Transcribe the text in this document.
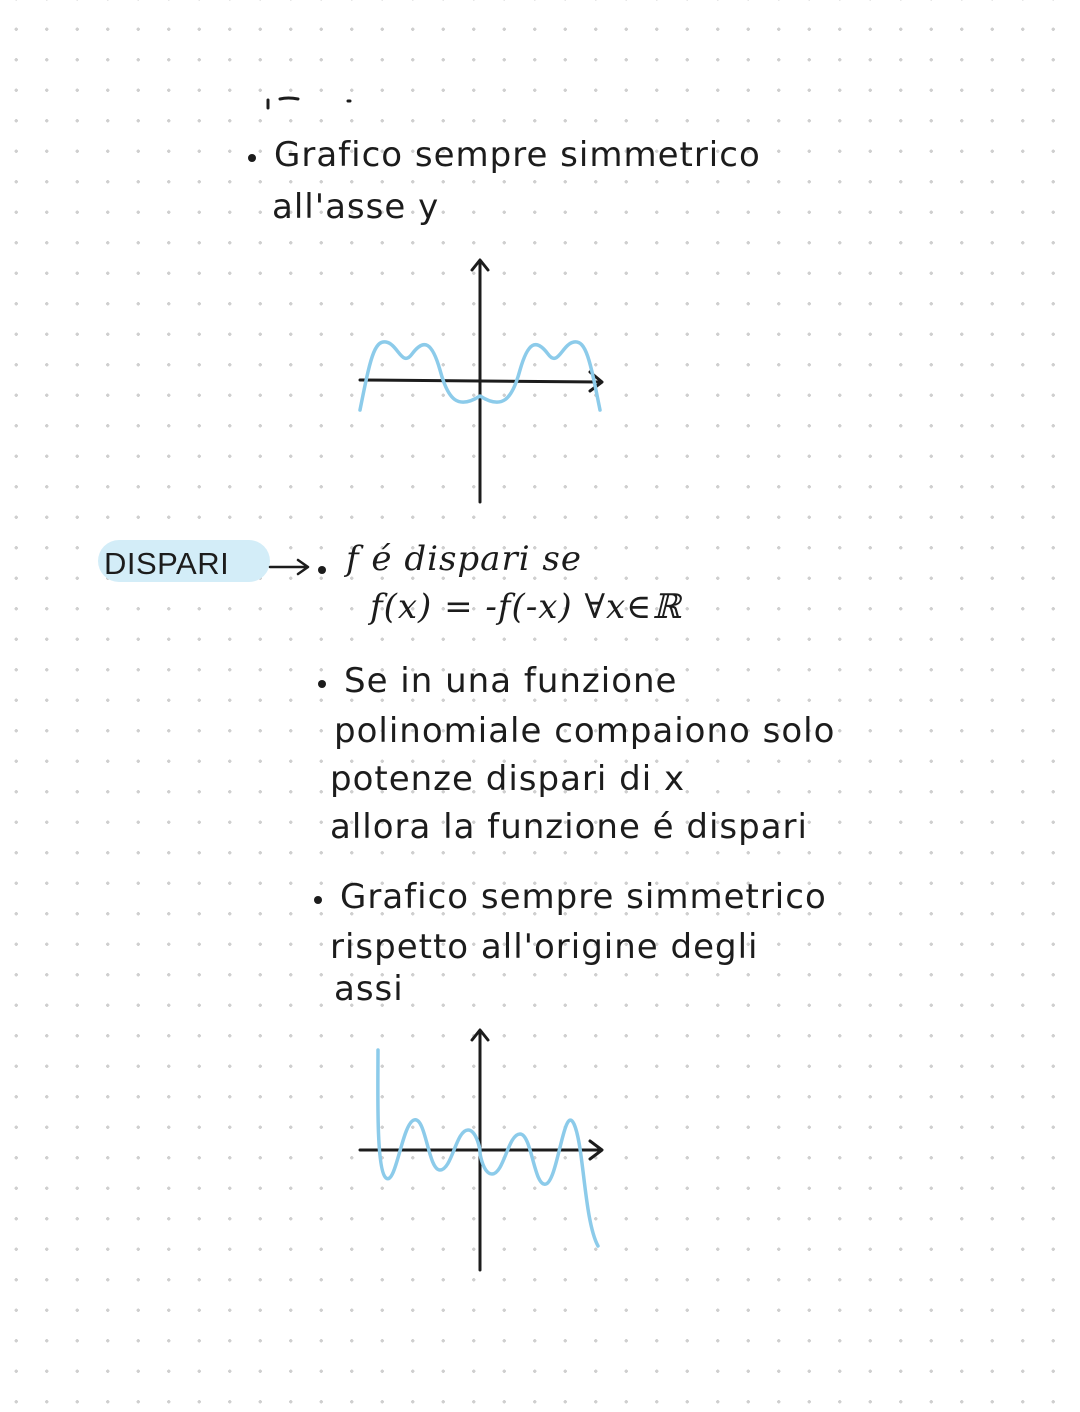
Grafico sempre simmetrico
all'asse y
DISPARI	f é dispari se
f(x) = -f(-x) ∀x∈ℝ
Se in una funzione
polinomiale compaiono solo
potenze dispari di x
allora la funzione é dispari
Grafico sempre simmetrico
rispetto all'origine degli
assi
